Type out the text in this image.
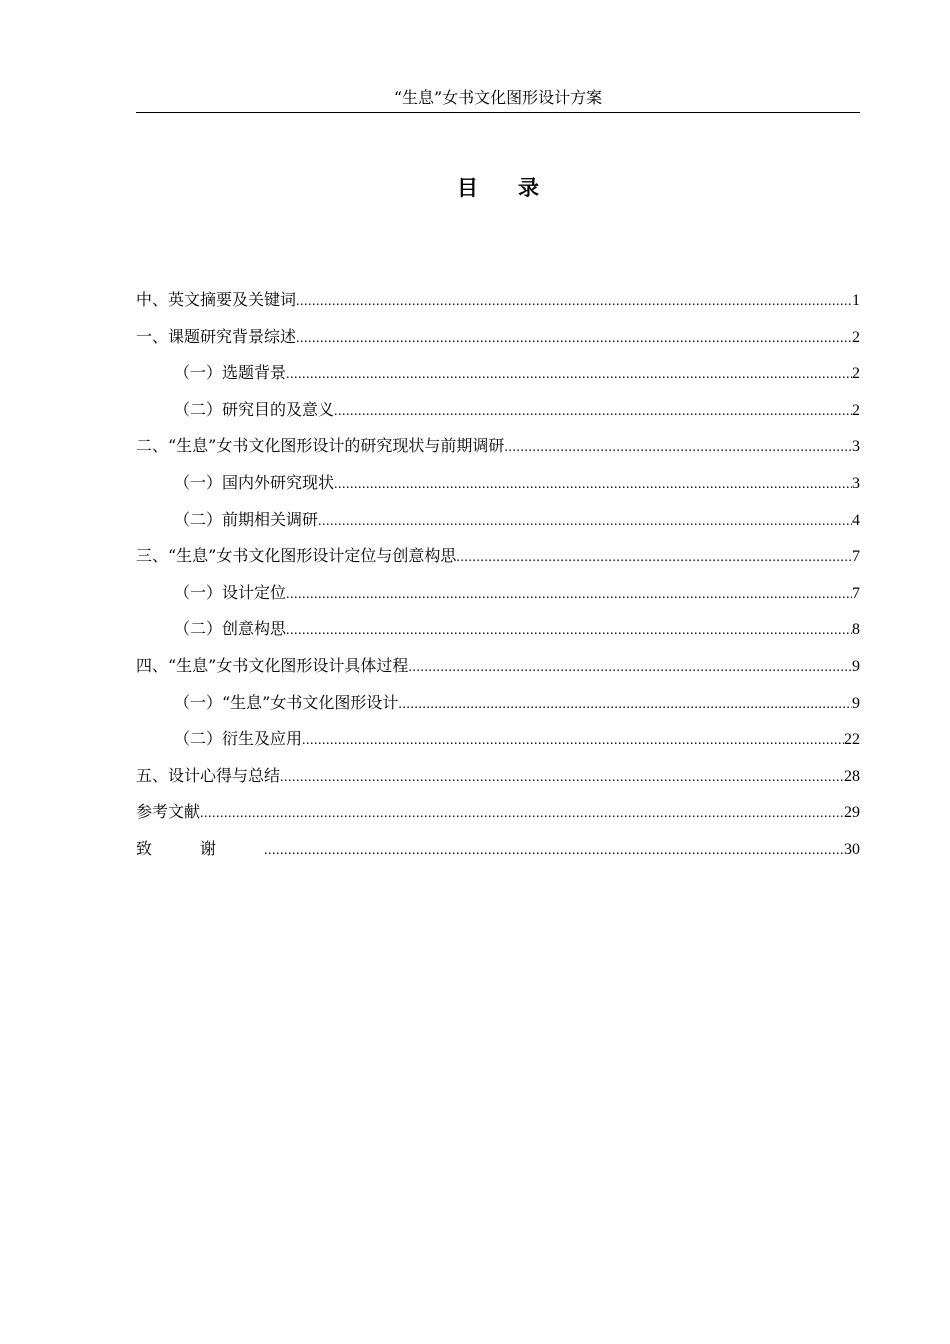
“生息”女书文化图形设计方案
目录
中、英文摘要及关键词 .....	1
一、课题研究背景综述 .....	2
（一）选题背景 .....	2
（二）研究目的及意义 .....	2
二、“生息”女书文化图形设计的研究现状与前期调研 .....	3
（一）国内外研究现状 .....	3
（二）前期相关调研 .....	4
三、“生息”女书文化图形设计定位与创意构思 .....	7
（一）设计定位 .....	7
（二）创意构思 .....	8
四、“生息”女书文化图形设计具体过程 .....	9
（一）“生息”女书文化图形设计 .....	9
（二）衍生及应用 .....	22
五、设计心得与总结 .....	28
参考文献 .....	29
致谢 .....	30
